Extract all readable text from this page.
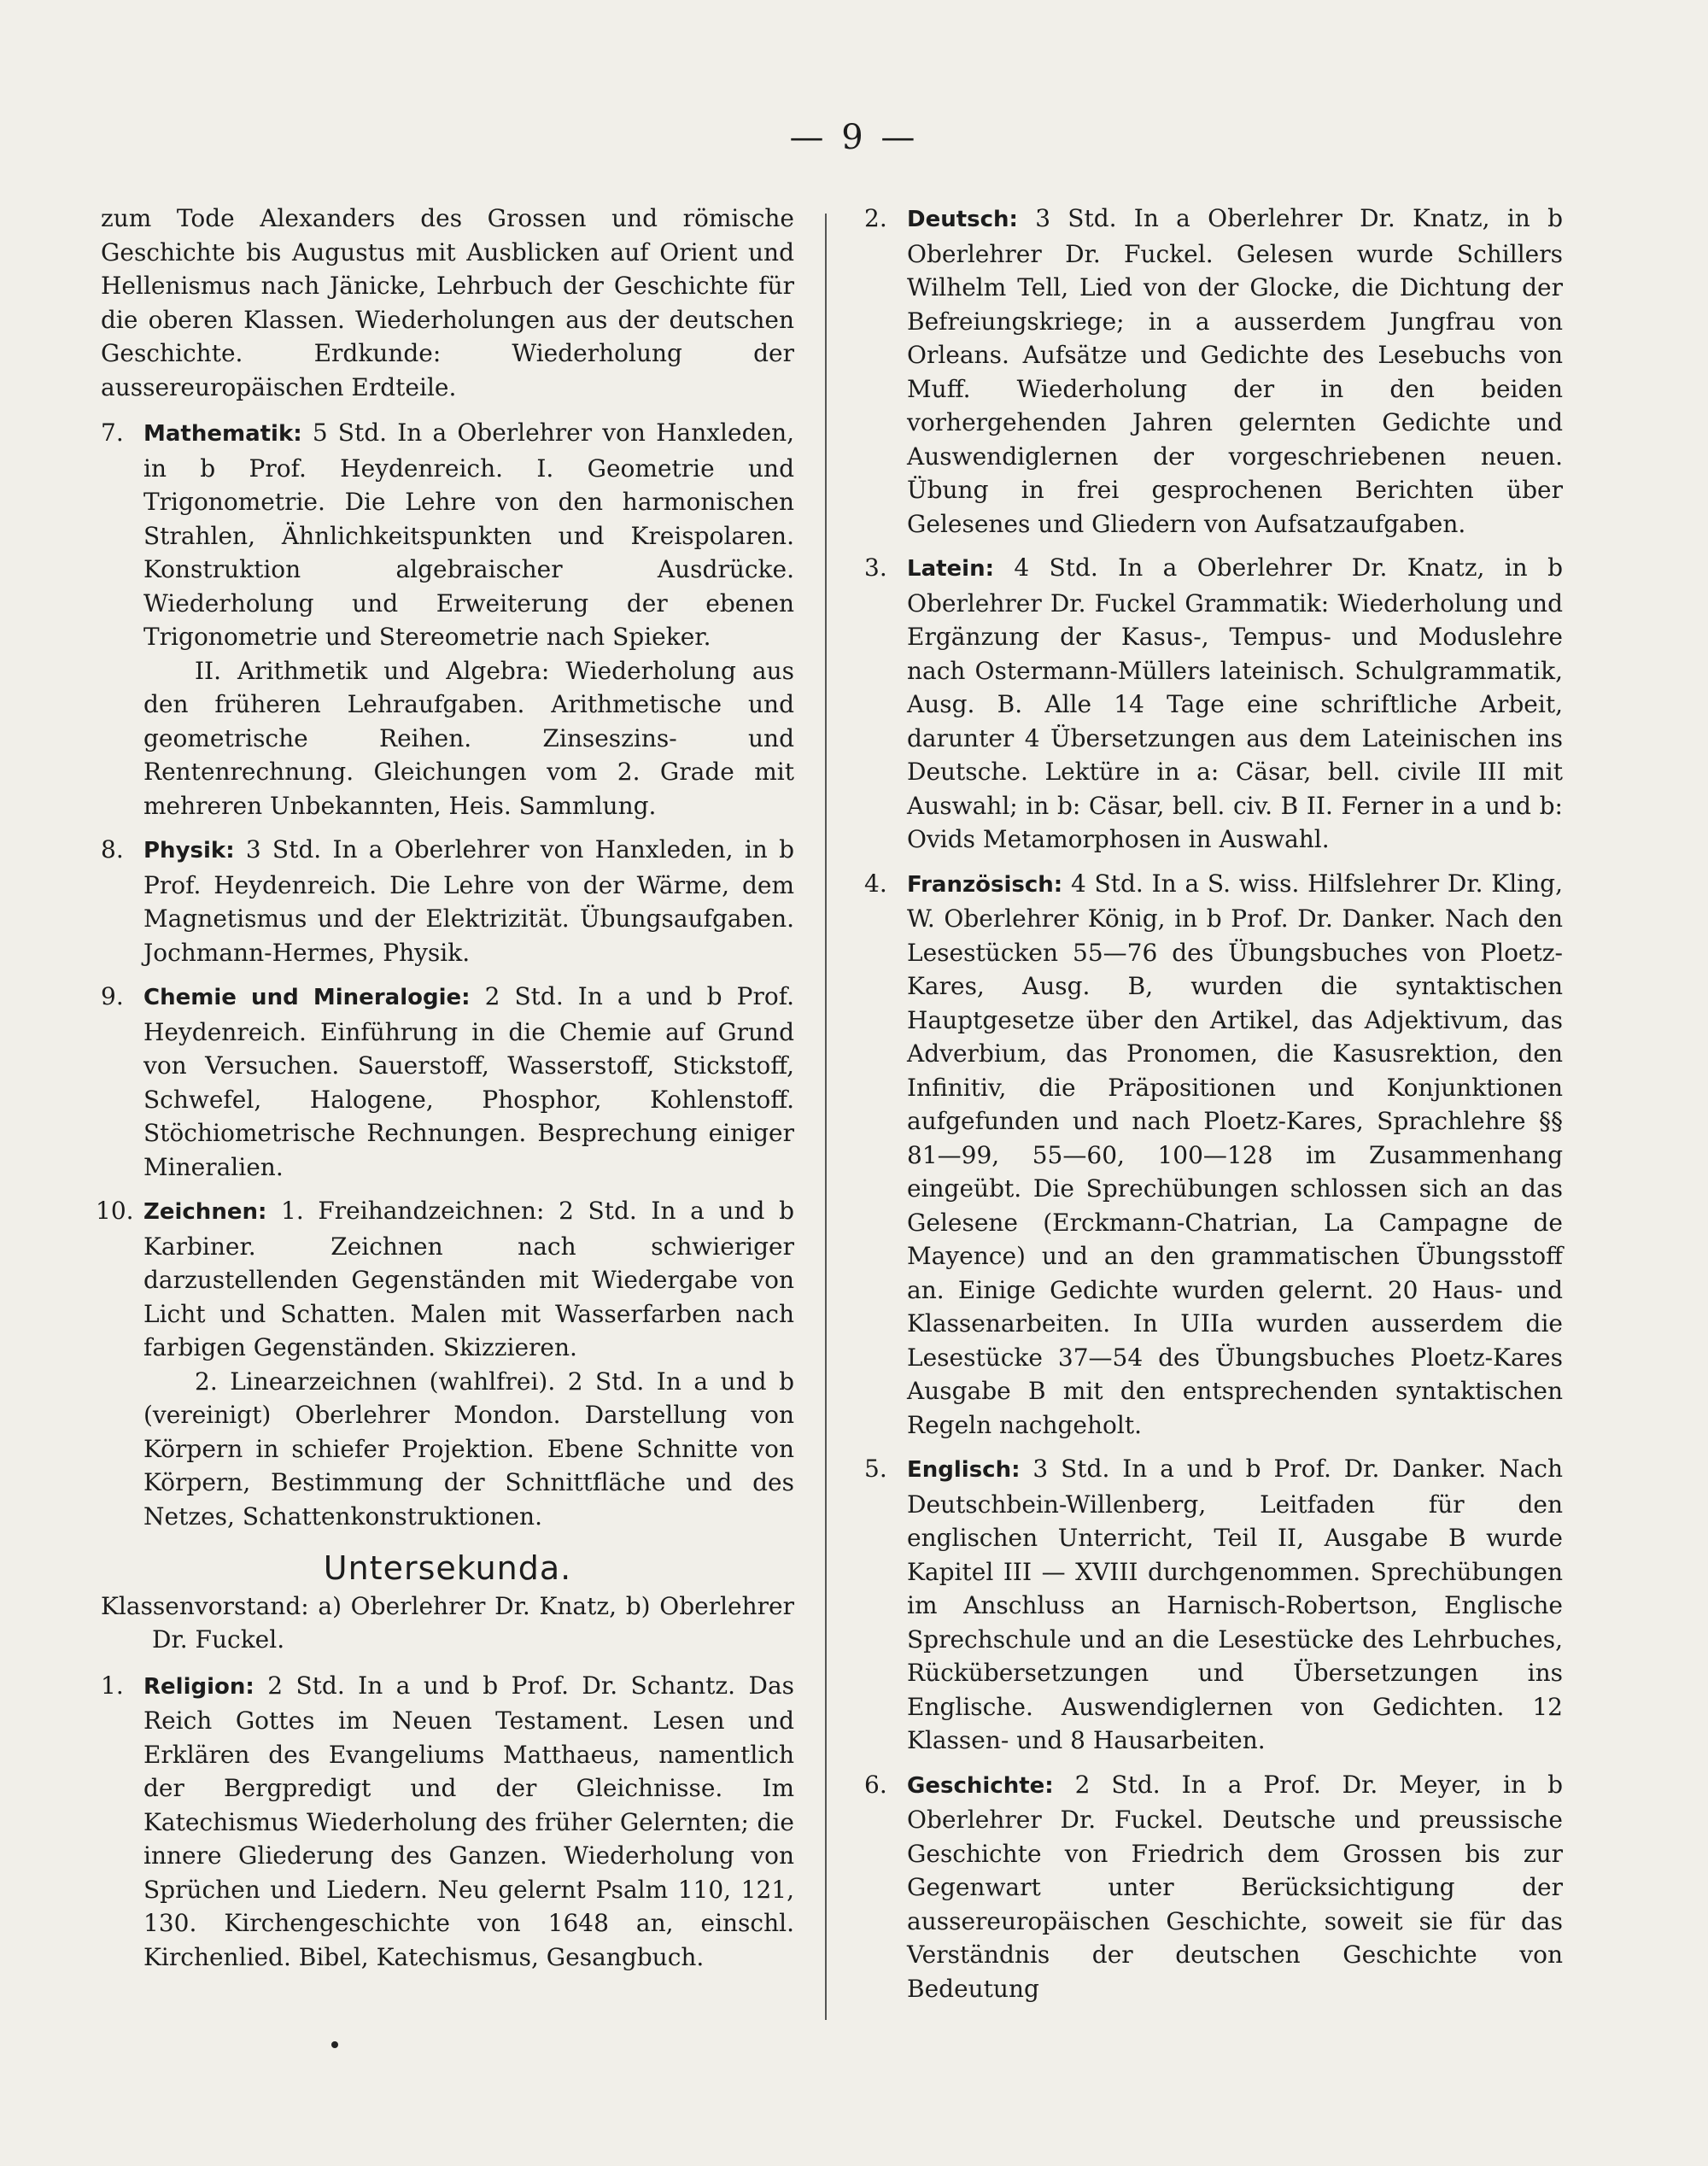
— 9 —

zum Tode Alexanders des Grossen und römische Geschichte bis Augustus mit Ausblicken auf Orient und Hellenismus nach Jänicke, Lehrbuch der Geschichte für die oberen Klassen. Wiederholungen aus der deutschen Geschichte. Erdkunde: Wiederholung der aussereuropäischen Erdteile.

7. Mathematik: 5 Std. In a Oberlehrer von Hanxleden, in b Prof. Heydenreich. I. Geometrie und Trigonometrie. Die Lehre von den harmonischen Strahlen, Ähnlichkeitspunkten und Kreispolaren. Konstruktion algebraischer Ausdrücke. Wiederholung und Erweiterung der ebenen Trigonometrie und Stereometrie nach Spieker.
II. Arithmetik und Algebra: Wiederholung aus den früheren Lehraufgaben. Arithmetische und geometrische Reihen. Zinseszins- und Rentenrechnung. Gleichungen vom 2. Grade mit mehreren Unbekannten, Heis. Sammlung.
8. Physik: 3 Std. In a Oberlehrer von Hanxleden, in b Prof. Heydenreich. Die Lehre von der Wärme, dem Magnetismus und der Elektrizität. Übungsaufgaben. Jochmann-Hermes, Physik.
9. Chemie und Mineralogie: 2 Std. In a und b Prof. Heydenreich. Einführung in die Chemie auf Grund von Versuchen. Sauerstoff, Wasserstoff, Stickstoff, Schwefel, Halogene, Phosphor, Kohlenstoff. Stöchiometrische Rechnungen. Besprechung einiger Mineralien.
10. Zeichnen: 1. Freihandzeichnen: 2 Std. In a und b Karbiner. Zeichnen nach schwieriger darzustellenden Gegenständen mit Wiedergabe von Licht und Schatten. Malen mit Wasserfarben nach farbigen Gegenständen. Skizzieren.
2. Linearzeichnen (wahlfrei). 2 Std. In a und b (vereinigt) Oberlehrer Mondon. Darstellung von Körpern in schiefer Projektion. Ebene Schnitte von Körpern, Bestimmung der Schnittfläche und des Netzes, Schattenkonstruktionen.
Untersekunda.

Klassenvorstand: a) Oberlehrer Dr. Knatz, b) Oberlehrer Dr. Fuckel.

1. Religion: 2 Std. In a und b Prof. Dr. Schantz. Das Reich Gottes im Neuen Testament. Lesen und Erklären des Evangeliums Matthaeus, namentlich der Bergpredigt und der Gleichnisse. Im Katechismus Wiederholung des früher Gelernten; die innere Gliederung des Ganzen. Wiederholung von Sprüchen und Liedern. Neu gelernt Psalm 110, 121, 130. Kirchengeschichte von 1648 an, einschl. Kirchenlied. Bibel, Katechismus, Gesangbuch.
2. Deutsch: 3 Std. In a Oberlehrer Dr. Knatz, in b Oberlehrer Dr. Fuckel. Gelesen wurde Schillers Wilhelm Tell, Lied von der Glocke, die Dichtung der Befreiungskriege; in a ausserdem Jungfrau von Orleans. Aufsätze und Gedichte des Lesebuchs von Muff. Wiederholung der in den beiden vorhergehenden Jahren gelernten Gedichte und Auswendiglernen der vorgeschriebenen neuen. Übung in frei gesprochenen Berichten über Gelesenes und Gliedern von Aufsatzaufgaben.
3. Latein: 4 Std. In a Oberlehrer Dr. Knatz, in b Oberlehrer Dr. Fuckel Grammatik: Wiederholung und Ergänzung der Kasus-, Tempus- und Moduslehre nach Ostermann-Müllers lateinisch. Schulgrammatik, Ausg. B. Alle 14 Tage eine schriftliche Arbeit, darunter 4 Übersetzungen aus dem Lateinischen ins Deutsche. Lektüre in a: Cäsar, bell. civile III mit Auswahl; in b: Cäsar, bell. civ. B II. Ferner in a und b: Ovids Metamorphosen in Auswahl.
4. Französisch: 4 Std. In a S. wiss. Hilfslehrer Dr. Kling, W. Oberlehrer König, in b Prof. Dr. Danker. Nach den Lesestücken 55—76 des Übungsbuches von Ploetz-Kares, Ausg. B, wurden die syntaktischen Hauptgesetze über den Artikel, das Adjektivum, das Adverbium, das Pronomen, die Kasusrektion, den Infinitiv, die Präpositionen und Konjunktionen aufgefunden und nach Ploetz-Kares, Sprachlehre §§ 81—99, 55—60, 100—128 im Zusammenhang eingeübt. Die Sprechübungen schlossen sich an das Gelesene (Erckmann-Chatrian, La Campagne de Mayence) und an den grammatischen Übungsstoff an. Einige Gedichte wurden gelernt. 20 Haus- und Klassenarbeiten. In UIIa wurden ausserdem die Lesestücke 37—54 des Übungsbuches Ploetz-Kares Ausgabe B mit den entsprechenden syntaktischen Regeln nachgeholt.
5. Englisch: 3 Std. In a und b Prof. Dr. Danker. Nach Deutschbein-Willenberg, Leitfaden für den englischen Unterricht, Teil II, Ausgabe B wurde Kapitel III — XVIII durchgenommen. Sprechübungen im Anschluss an Harnisch-Robertson, Englische Sprechschule und an die Lesestücke des Lehrbuches, Rückübersetzungen und Übersetzungen ins Englische. Auswendiglernen von Gedichten. 12 Klassen- und 8 Hausarbeiten.
6. Geschichte: 2 Std. In a Prof. Dr. Meyer, in b Oberlehrer Dr. Fuckel. Deutsche und preussische Geschichte von Friedrich dem Grossen bis zur Gegenwart unter Berücksichtigung der aussereuropäischen Geschichte, soweit sie für das Verständnis der deutschen Geschichte von Bedeutung
